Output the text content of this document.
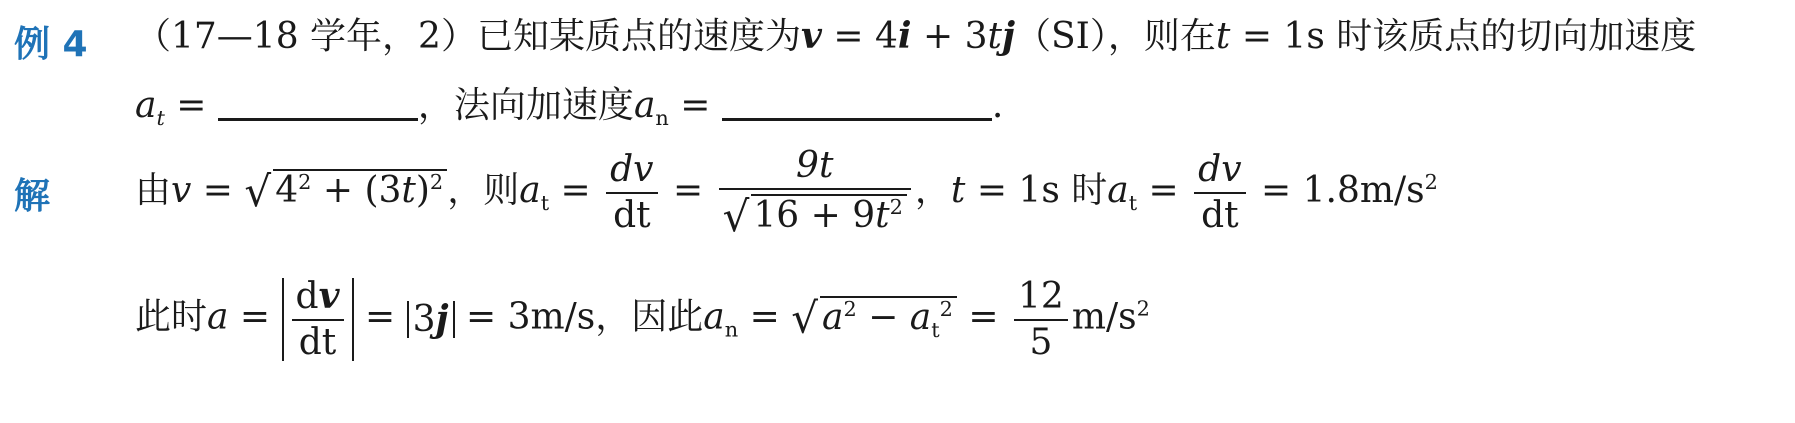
例 4 （17—18 学年，2）已知某质点的速度为v = 4i + 3tj（SI），则在t = 1s 时该质点的切向加速度
$a_t$ =	，法向加速度$a_n$ =	.
解 由v = √ $4^2 + (3t)^2$ ，则$a_t = \frac{dv}{dt} = \frac{9t}{√ 16 + 9t^2}$ ，t = 1s 时$a_t = \frac{dv}{dt} = 1.8m/s^2$
此时$a = \frac{dv}{dt} = 3j = 3m/s$，因此$a_n$ = √ $a^2 - a_t^2 = \frac{12}{5} m/s^2$
